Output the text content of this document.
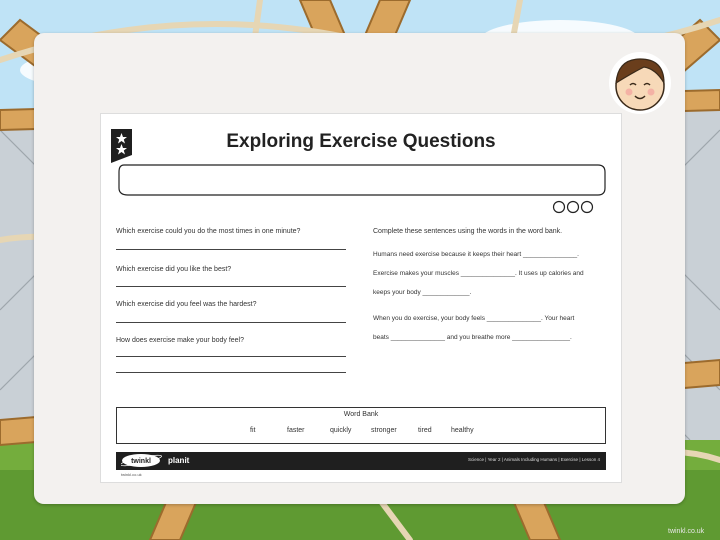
Exploring Exercise Questions
Which exercise could you do the most times in one minute?
Which exercise did you like the best?
Which exercise did you feel was the hardest?
How does exercise make your body feel?
Complete these sentences using the words in the word bank.
Humans need exercise because it keeps their heart _______________.
Exercise makes your muscles _______________. It uses up calories and
keeps your body _____________.
When you do exercise, your body feels _______________. Your heart
beats _______________ and you breathe more ________________.
Word Bank
fit	faster	quickly	stronger	tired	healthy
twinkl planit	Science | Year 2 | Animals Including Humans | Exercise | Lesson 4
twinkl.co.uk
twinkl.co.uk
